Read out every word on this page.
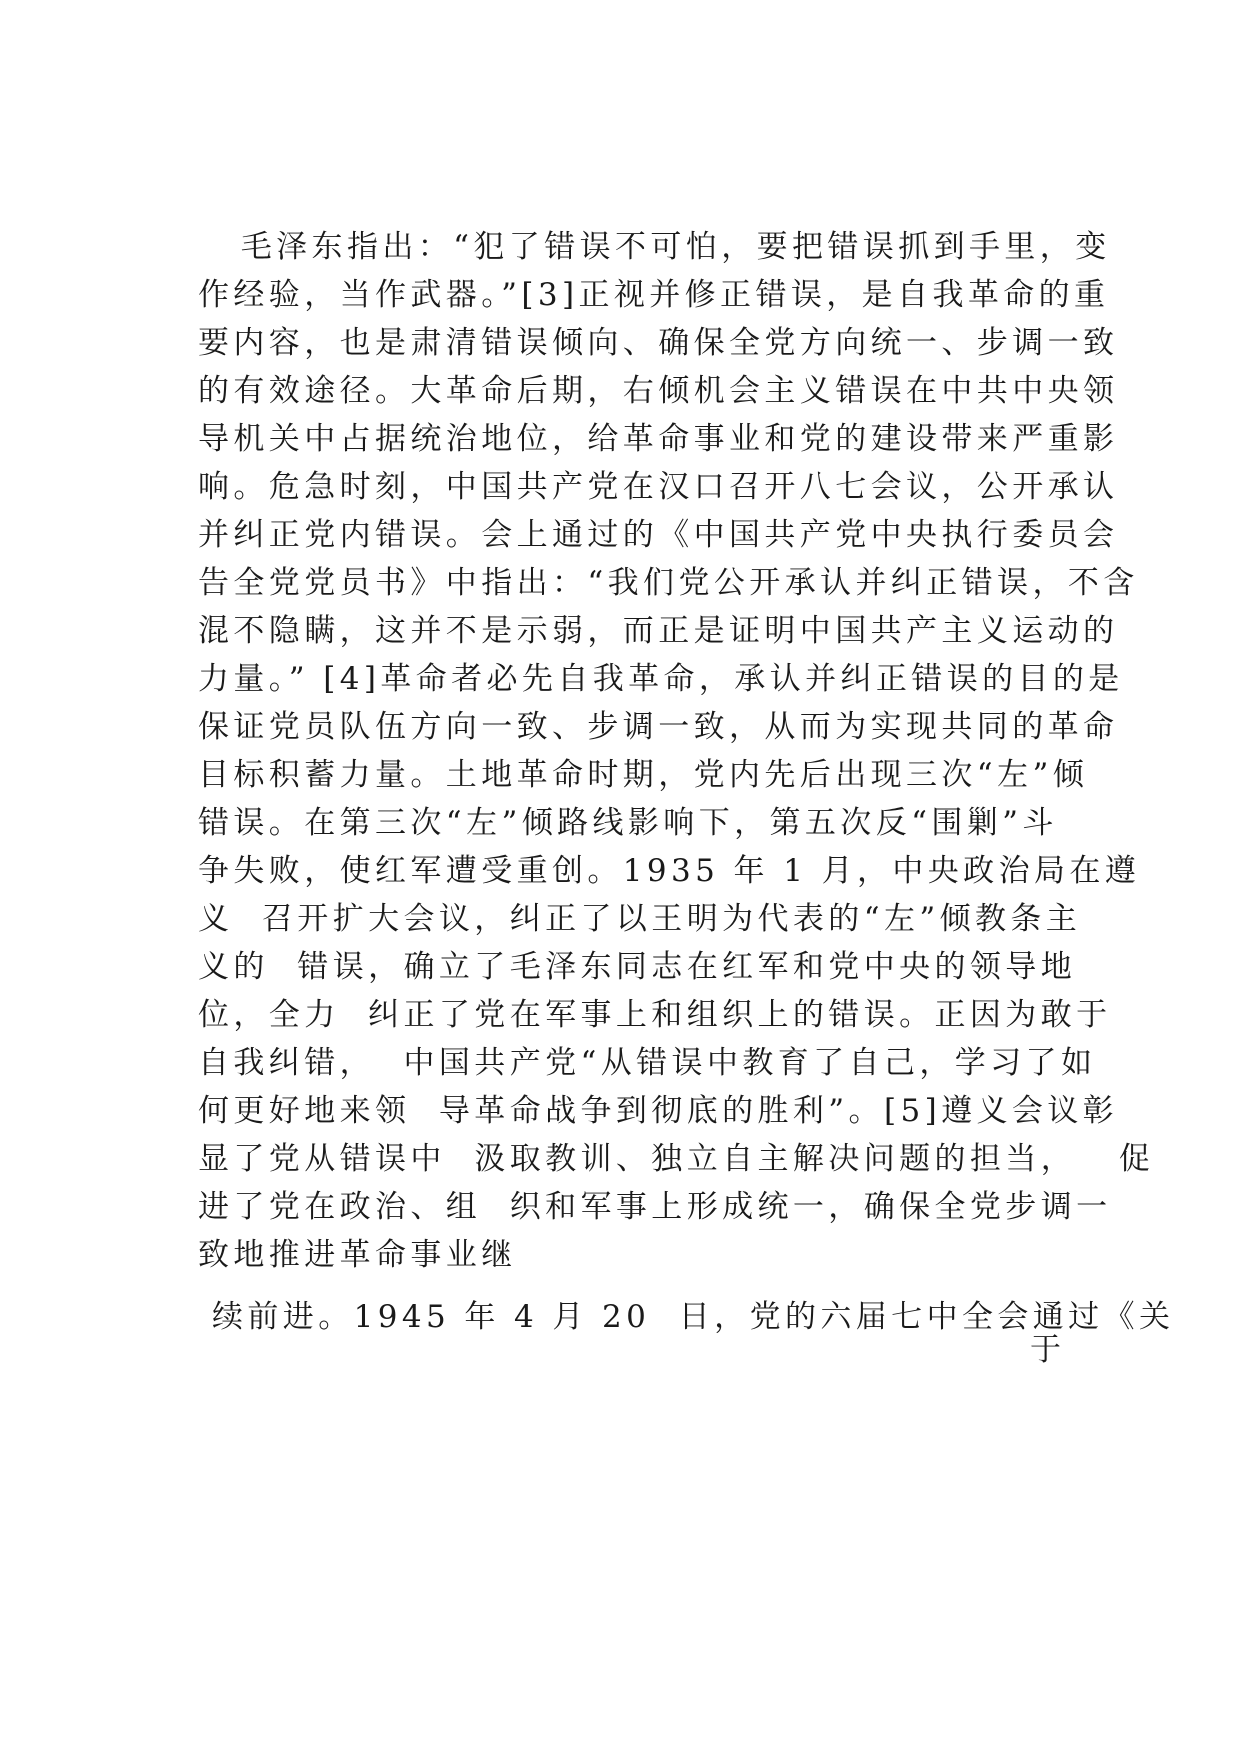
毛泽东指出：“犯了错误不可怕，要把错误抓到手里，变
作经验，当作武器。”[3]正视并修正错误，是自我革命的重
要内容，也是肃清错误倾向、确保全党方向统一、步调一致
的有效途径。大革命后期，右倾机会主义错误在中共中央领
导机关中占据统治地位，给革命事业和党的建设带来严重影
响。危急时刻，中国共产党在汉口召开八七会议，公开承认
并纠正党内错误。会上通过的《中国共产党中央执行委员会
告全党党员书》中指出：“我们党公开承认并纠正错误，不含
混不隐瞒，这并不是示弱，而正是证明中国共产主义运动的
力量。” [4]革命者必先自我革命，承认并纠正错误的目的是
保证党员队伍方向一致、步调一致，从而为实现共同的革命
目标积蓄力量。土地革命时期，党内先后出现三次“左”倾
错误。在第三次“左”倾路线影响下，第五次反“围剿”斗
争失败，使红军遭受重创。1935 年 1 月，中央政治局在遵
义  召开扩大会议，纠正了以王明为代表的“左”倾教条主
义的  错误，确立了毛泽东同志在红军和党中央的领导地
位，全力  纠正了党在军事上和组织上的错误。正因为敢于
自我纠错，  中国共产党“从错误中教育了自己，学习了如
何更好地来领  导革命战争到彻底的胜利”。[5]遵义会议彰
显了党从错误中  汲取教训、独立自主解决问题的担当，   促
进了党在政治、组  织和军事上形成统一，确保全党步调一
致地推进革命事业继
续前进。1945 年 4 月 20  日，党的六届七中全会通过《关
于
